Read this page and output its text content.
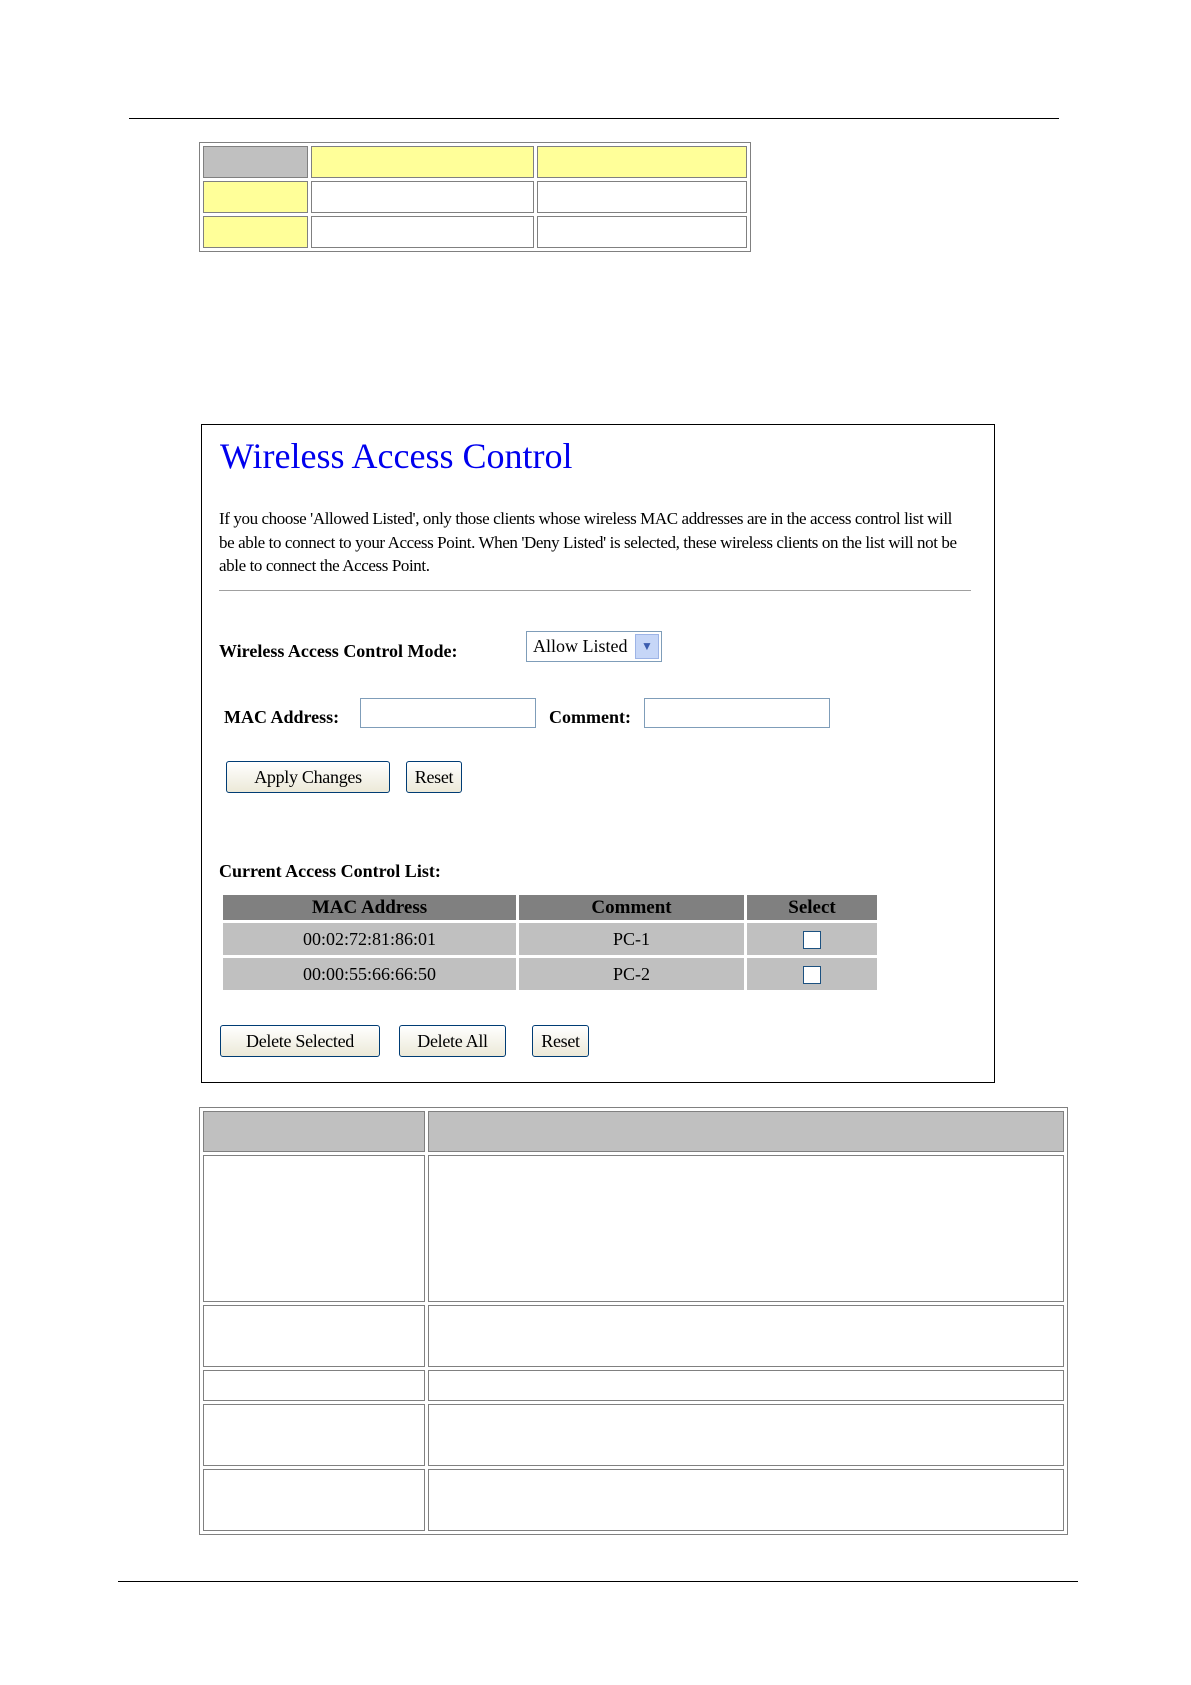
Wireless Access Control
If you choose 'Allowed Listed', only those clients whose wireless MAC addresses are in the access control list will be able to connect to your Access Point. When 'Deny Listed' is selected, these wireless clients on the list will not be able to connect the Access Point.
Wireless Access Control Mode:	Allow Listed	▼
MAC Address:	Comment:
Apply Changes	Reset
Current Access Control List:
MAC Address	Comment	Select
00:02:72:81:86:01	PC-1	
00:00:55:66:66:50	PC-2	
Delete Selected	Delete All	Reset
